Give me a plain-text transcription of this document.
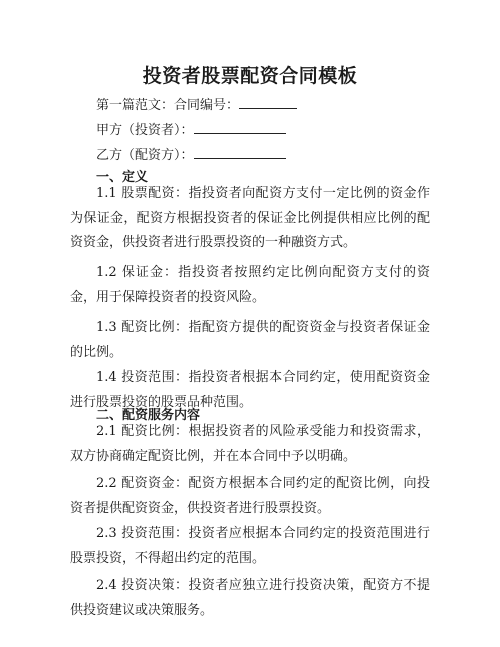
投资者股票配资合同模板
第一篇范文：合同编号：
甲方（投资者）：
乙方（配资方）：
一、定义
1.1 股票配资：指投资者向配资方支付一定比例的资金作为保证金，配资方根据投资者的保证金比例提供相应比例的配资资金，供投资者进行股票投资的一种融资方式。
1.2 保证金：指投资者按照约定比例向配资方支付的资金，用于保障投资者的投资风险。
1.3 配资比例：指配资方提供的配资资金与投资者保证金的比例。
1.4 投资范围：指投资者根据本合同约定，使用配资资金进行股票投资的股票品种范围。
二、配资服务内容
2.1 配资比例：根据投资者的风险承受能力和投资需求，双方协商确定配资比例，并在本合同中予以明确。
2.2 配资资金：配资方根据本合同约定的配资比例，向投资者提供配资资金，供投资者进行股票投资。
2.3 投资范围：投资者应根据本合同约定的投资范围进行股票投资，不得超出约定的范围。
2.4 投资决策：投资者应独立进行投资决策，配资方不提供投资建议或决策服务。
